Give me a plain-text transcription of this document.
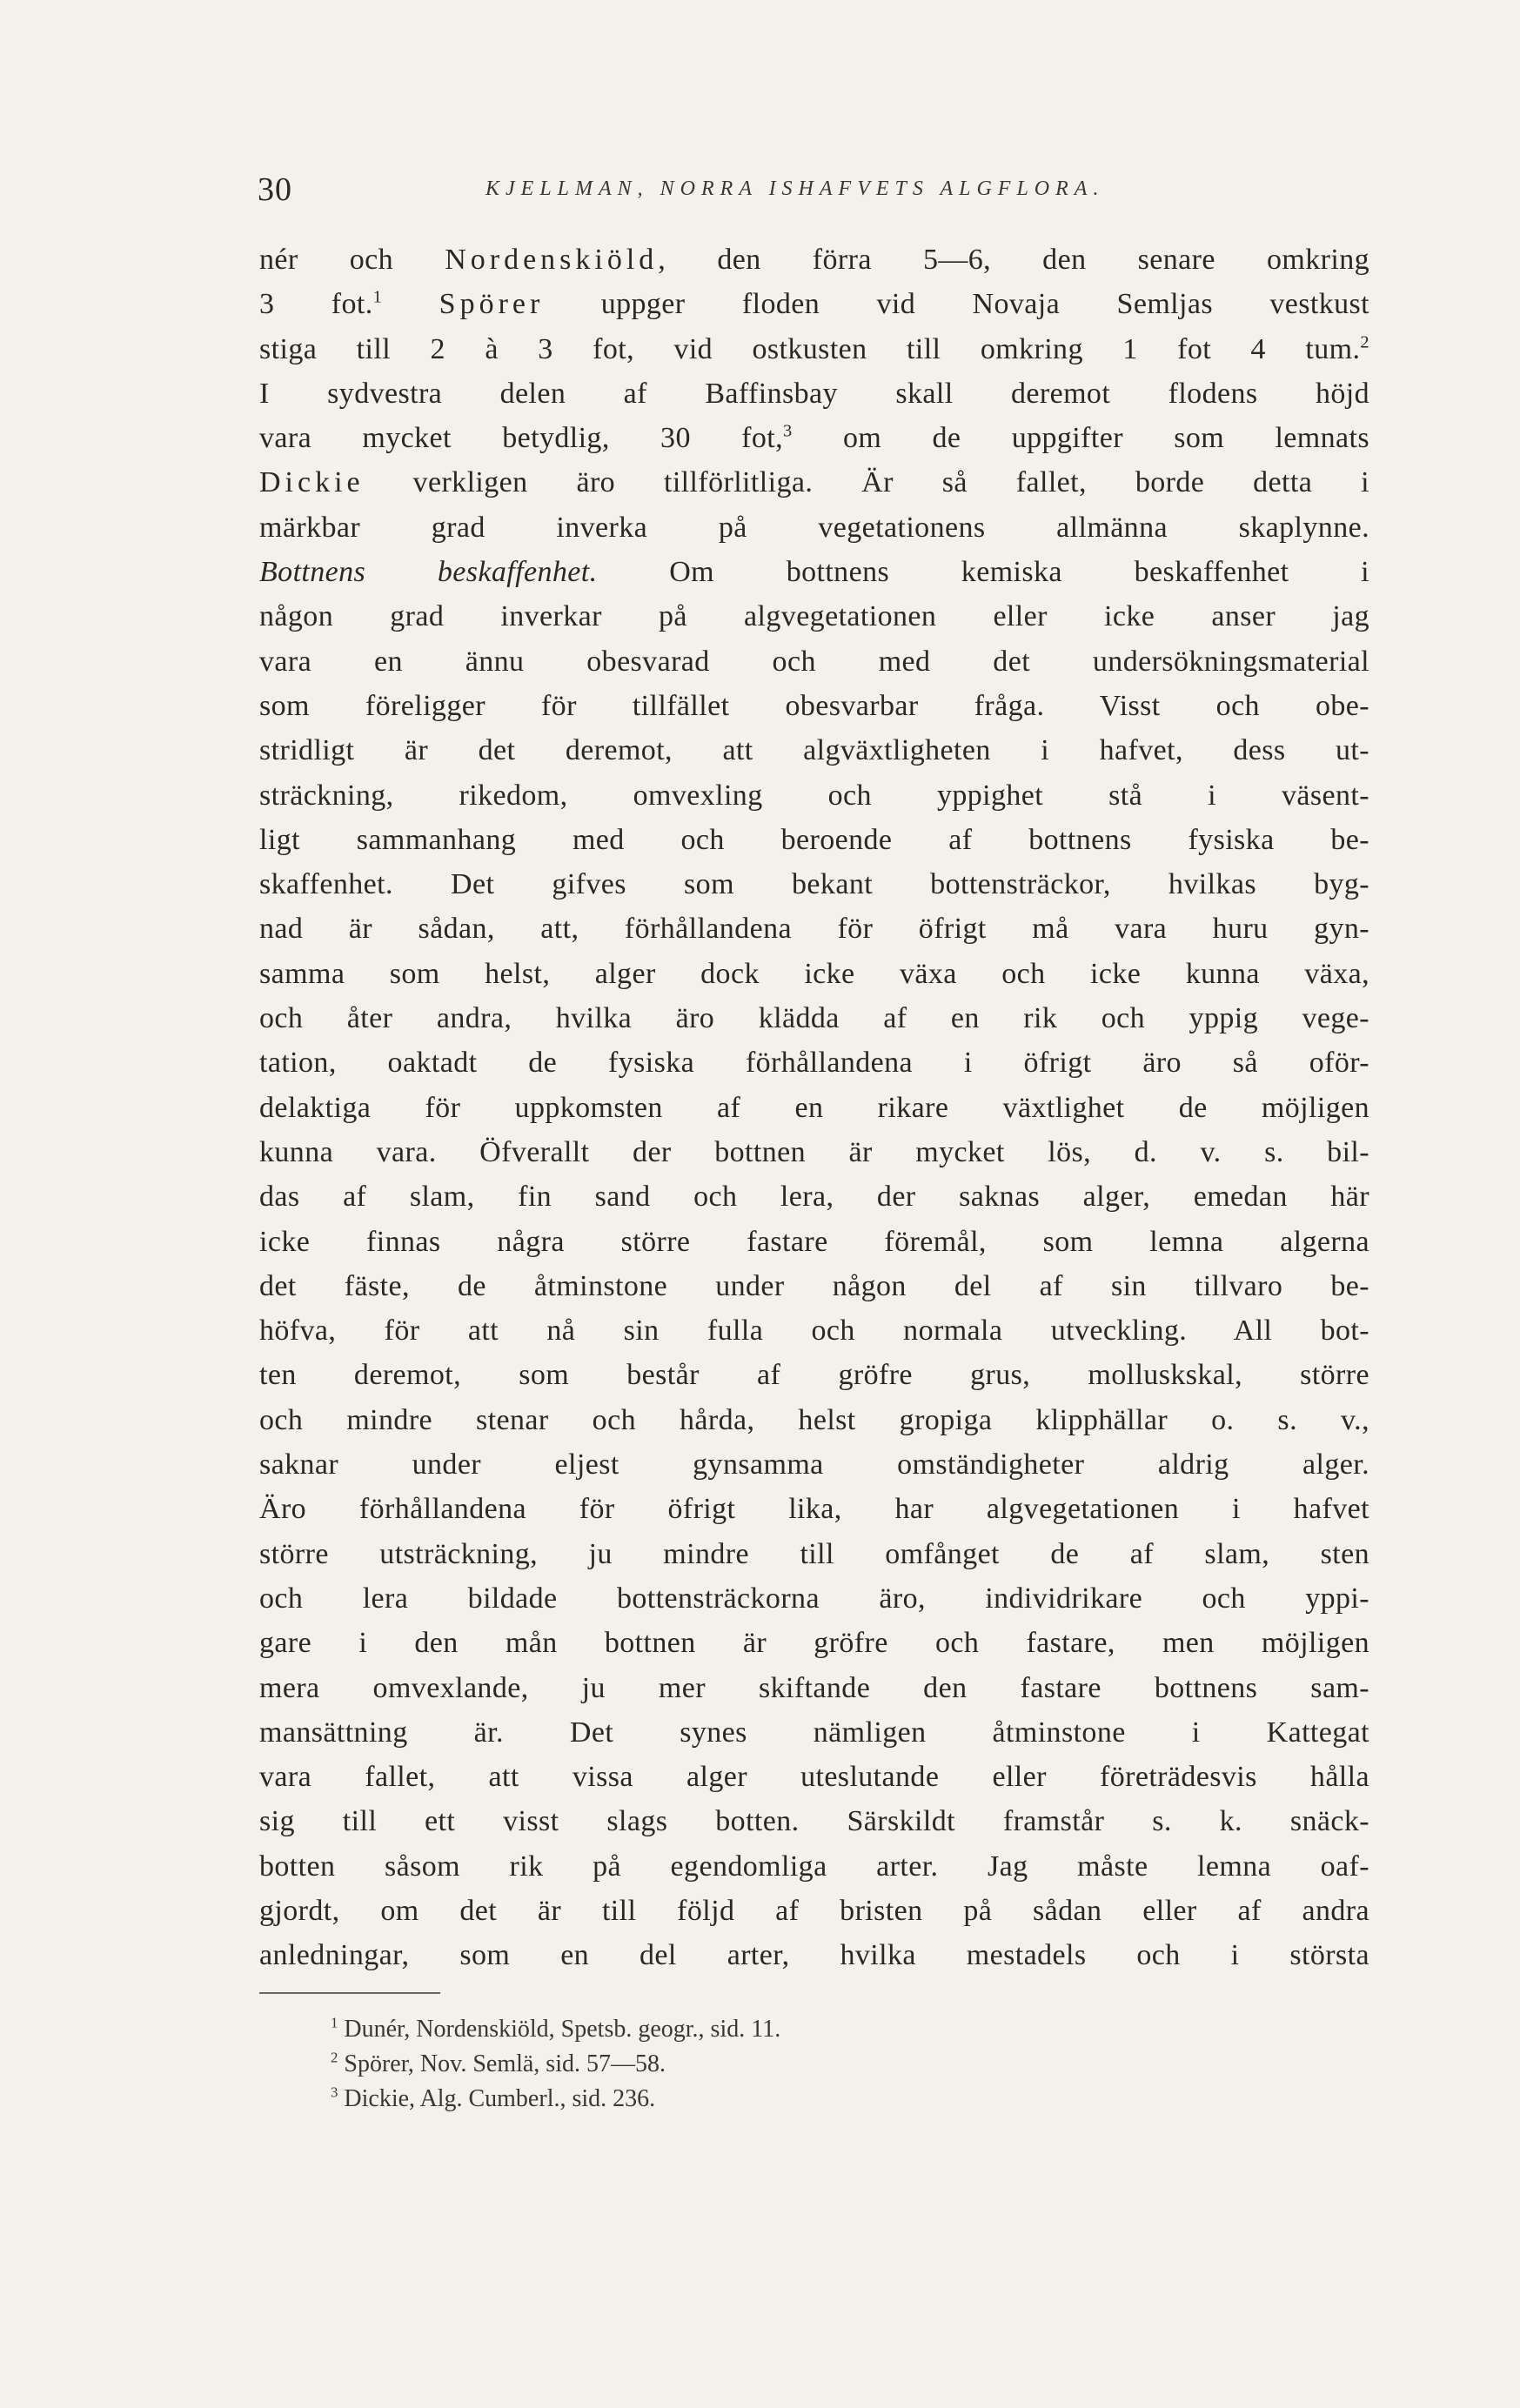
30	KJELLMAN, NORRA ISHAFVETS ALGFLORA.
nér och Nordenskiöld, den förra 5—6, den senare omkring
3 fot.$^1$ Spörer uppger floden vid Novaja Semljas vestkust
stiga till 2 à 3 fot, vid ostkusten till omkring 1 fot 4 tum.$^2$
I sydvestra delen af Baffinsbay skall deremot flodens höjd
vara mycket betydlig, 30 fot,$^3$ om de uppgifter som lemnats
Dickie verkligen äro tillförlitliga. Är så fallet, borde detta i
märkbar grad inverka på vegetationens allmänna skaplynne.
Bottnens beskaffenhet. Om bottnens kemiska beskaffenhet i
någon grad inverkar på algvegetationen eller icke anser jag
vara en ännu obesvarad och med det undersökningsmaterial
som föreligger för tillfället obesvarbar fråga. Visst och obe-
stridligt är det deremot, att algväxtligheten i hafvet, dess ut-
sträckning, rikedom, omvexling och yppighet stå i väsent-
ligt sammanhang med och beroende af bottnens fysiska be-
skaffenhet. Det gifves som bekant bottensträckor, hvilkas byg-
nad är sådan, att, förhållandena för öfrigt må vara huru gyn-
samma som helst, alger dock icke växa och icke kunna växa,
och åter andra, hvilka äro klädda af en rik och yppig vege-
tation, oaktadt de fysiska förhållandena i öfrigt äro så oför-
delaktiga för uppkomsten af en rikare växtlighet de möjligen
kunna vara. Öfverallt der bottnen är mycket lös, d. v. s. bil-
das af slam, fin sand och lera, der saknas alger, emedan här
icke finnas några större fastare föremål, som lemna algerna
det fäste, de åtminstone under någon del af sin tillvaro be-
höfva, för att nå sin fulla och normala utveckling. All bot-
ten deremot, som består af gröfre grus, molluskskal, större
och mindre stenar och hårda, helst gropiga klipphällar o. s. v.,
saknar under eljest gynsamma omständigheter aldrig alger.
Äro förhållandena för öfrigt lika, har algvegetationen i hafvet
större utsträckning, ju mindre till omfånget de af slam, sten
och lera bildade bottensträckorna äro, individrikare och yppi-
gare i den mån bottnen är gröfre och fastare, men möjligen
mera omvexlande, ju mer skiftande den fastare bottnens sam-
mansättning är. Det synes nämligen åtminstone i Kattegat
vara fallet, att vissa alger uteslutande eller företrädesvis hålla
sig till ett visst slags botten. Särskildt framstår s. k. snäck-
botten såsom rik på egendomliga arter. Jag måste lemna oaf-
gjordt, om det är till följd af bristen på sådan eller af andra
anledningar, som en del arter, hvilka mestadels och i största
$^1$ Dunér, Nordenskiöld, Spetsb. geogr., sid. 11.
$^2$ Spörer, Nov. Semlä, sid. 57—58.
$^3$ Dickie, Alg. Cumberl., sid. 236.
